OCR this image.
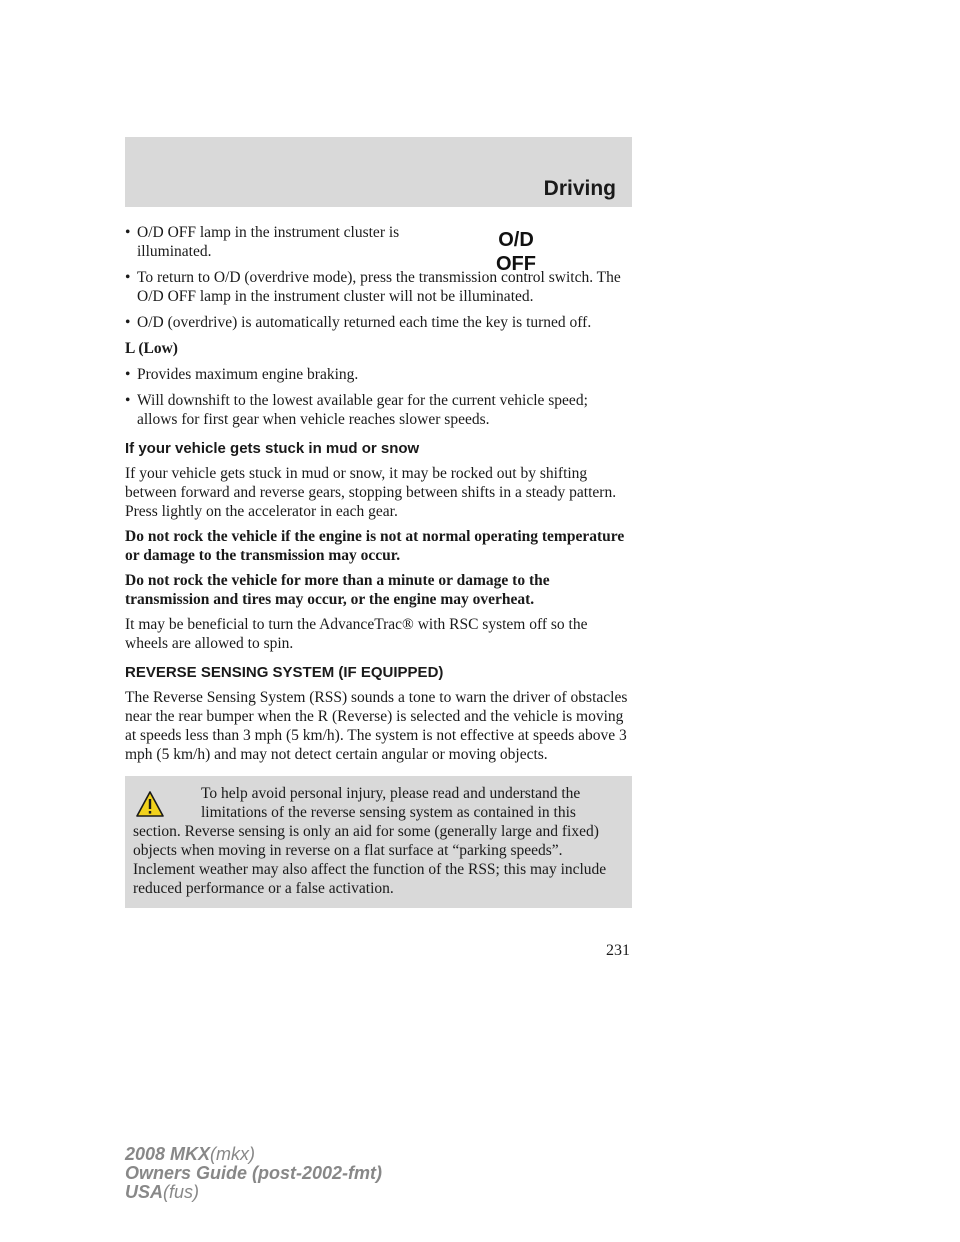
Driving
O/D
OFF
• O/D OFF lamp in the instrument cluster is illuminated.
• To return to O/D (overdrive mode), press the transmission control switch. The O/D OFF lamp in the instrument cluster will not be illuminated.
• O/D (overdrive) is automatically returned each time the key is turned off.
L (Low)
• Provides maximum engine braking.
• Will downshift to the lowest available gear for the current vehicle speed; allows for first gear when vehicle reaches slower speeds.
If your vehicle gets stuck in mud or snow

If your vehicle gets stuck in mud or snow, it may be rocked out by shifting between forward and reverse gears, stopping between shifts in a steady pattern. Press lightly on the accelerator in each gear.

Do not rock the vehicle if the engine is not at normal operating temperature or damage to the transmission may occur.

Do not rock the vehicle for more than a minute or damage to the transmission and tires may occur, or the engine may overheat.

It may be beneficial to turn the AdvanceTrac® with RSC system off so the wheels are allowed to spin.

REVERSE SENSING SYSTEM (IF EQUIPPED)

The Reverse Sensing System (RSS) sounds a tone to warn the driver of obstacles near the rear bumper when the R (Reverse) is selected and the vehicle is moving at speeds less than 3 mph (5 km/h). The system is not effective at speeds above 3 mph (5 km/h) and may not detect certain angular or moving objects.

To help avoid personal injury, please read and understand the limitations of the reverse sensing system as contained in this
section. Reverse sensing is only an aid for some (generally large and fixed) objects when moving in reverse on a flat surface at “parking speeds”. Inclement weather may also affect the function of the RSS; this may include reduced performance or a false activation.
231
2008 MKX(mkx)
Owners Guide (post-2002-fmt)
USA(fus)
